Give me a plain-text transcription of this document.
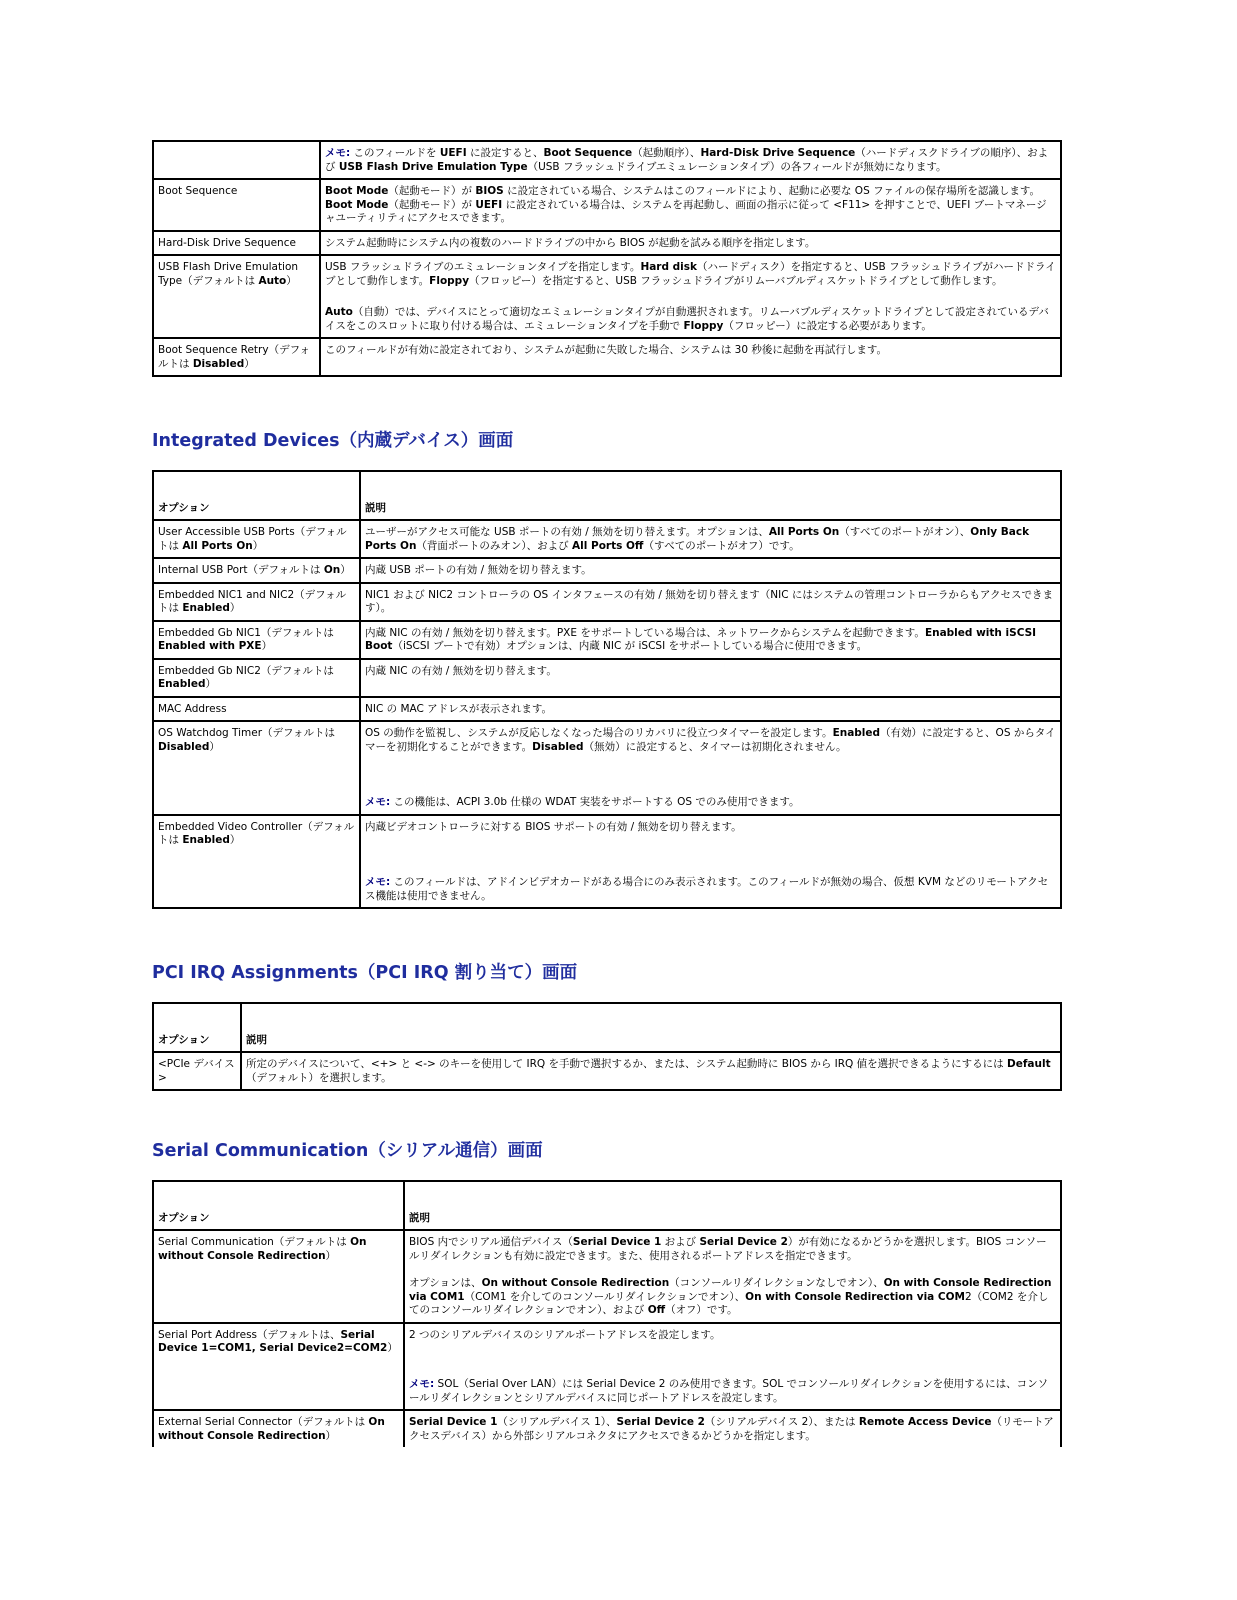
	メモ: このフィールドを UEFI に設定すると、Boot Sequence（起動順序）、Hard-Disk Drive Sequence（ハードディスクドライブの順序）、および USB Flash Drive Emulation Type（USB フラッシュドライブエミュレーションタイプ）の各フィールドが無効になります。
Boot Sequence	Boot Mode（起動モード）が BIOS に設定されている場合、システムはこのフィールドにより、起動に必要な OS ファイルの保存場所を認識します。Boot Mode（起動モード）が UEFI に設定されている場合は、システムを再起動し、画面の指示に従って <F11> を押すことで、UEFI ブートマネージャユーティリティにアクセスできます。
Hard-Disk Drive Sequence	システム起動時にシステム内の複数のハードドライブの中から BIOS が起動を試みる順序を指定します。
USB Flash Drive Emulation Type（デフォルトは Auto）	USB フラッシュドライブのエミュレーションタイプを指定します。Hard disk（ハードディスク）を指定すると、USB フラッシュドライブがハードドライブとして動作します。Floppy（フロッピー）を指定すると、USB フラッシュドライブがリムーバブルディスケットドライブとして動作します。
Auto（自動）では、デバイスにとって適切なエミュレーションタイプが自動選択されます。リムーバブルディスケットドライブとして設定されているデバイスをこのスロットに取り付ける場合は、エミュレーションタイプを手動で Floppy（フロッピー）に設定する必要があります。
Boot Sequence Retry（デフォルトは Disabled）	このフィールドが有効に設定されており、システムが起動に失敗した場合、システムは 30 秒後に起動を再試行します。
Integrated Devices（内蔵デバイス）画面
オプション	説明
User Accessible USB Ports（デフォルトは All Ports On）	ユーザーがアクセス可能な USB ポートの有効 / 無効を切り替えます。オプションは、All Ports On（すべてのポートがオン）、Only Back Ports On（背面ポートのみオン）、および All Ports Off（すべてのポートがオフ）です。
Internal USB Port（デフォルトは On）	内蔵 USB ポートの有効 / 無効を切り替えます。
Embedded NIC1 and NIC2（デフォルトは Enabled）	NIC1 および NIC2 コントローラの OS インタフェースの有効 / 無効を切り替えます（NIC にはシステムの管理コントローラからもアクセスできます）。
Embedded Gb NIC1（デフォルトは Enabled with PXE）	内蔵 NIC の有効 / 無効を切り替えます。PXE をサポートしている場合は、ネットワークからシステムを起動できます。Enabled with iSCSI Boot（iSCSI ブートで有効）オプションは、内蔵 NIC が iSCSI をサポートしている場合に使用できます。
Embedded Gb NIC2（デフォルトは Enabled）	内蔵 NIC の有効 / 無効を切り替えます。
MAC Address	NIC の MAC アドレスが表示されます。
OS Watchdog Timer（デフォルトは Disabled）	OS の動作を監視し、システムが反応しなくなった場合のリカバリに役立つタイマーを設定します。Enabled（有効）に設定すると、OS からタイマーを初期化することができます。Disabled（無効）に設定すると、タイマーは初期化されません。
メモ: この機能は、ACPI 3.0b 仕様の WDAT 実装をサポートする OS でのみ使用できます。
Embedded Video Controller（デフォルトは Enabled）	内蔵ビデオコントローラに対する BIOS サポートの有効 / 無効を切り替えます。
メモ: このフィールドは、アドインビデオカードがある場合にのみ表示されます。このフィールドが無効の場合、仮想 KVM などのリモートアクセス機能は使用できません。
PCI IRQ Assignments（PCI IRQ 割り当て）画面
オプション	説明
<PCIe デバイス>	所定のデバイスについて、<+> と <-> のキーを使用して IRQ を手動で選択するか、または、システム起動時に BIOS から IRQ 値を選択できるようにするには Default（デフォルト）を選択します。
Serial Communication（シリアル通信）画面
オプション	説明
Serial Communication（デフォルトは On without Console Redirection）	BIOS 内でシリアル通信デバイス（Serial Device 1 および Serial Device 2）が有効になるかどうかを選択します。BIOS コンソールリダイレクションも有効に設定できます。また、使用されるポートアドレスを指定できます。
オプションは、On without Console Redirection（コンソールリダイレクションなしでオン）、On with Console Redirection via COM1（COM1 を介してのコンソールリダイレクションでオン）、On with Console Redirection via COM2（COM2 を介してのコンソールリダイレクションでオン）、および Off（オフ）です。
Serial Port Address（デフォルトは、Serial Device 1=COM1, Serial Device2=COM2）	2 つのシリアルデバイスのシリアルポートアドレスを設定します。
メモ: SOL（Serial Over LAN）には Serial Device 2 のみ使用できます。SOL でコンソールリダイレクションを使用するには、コンソールリダイレクションとシリアルデバイスに同じポートアドレスを設定します。
External Serial Connector（デフォルトは On without Console Redirection）	Serial Device 1（シリアルデバイス 1）、Serial Device 2（シリアルデバイス 2）、または Remote Access Device（リモートアクセスデバイス）から外部シリアルコネクタにアクセスできるかどうかを指定します。
